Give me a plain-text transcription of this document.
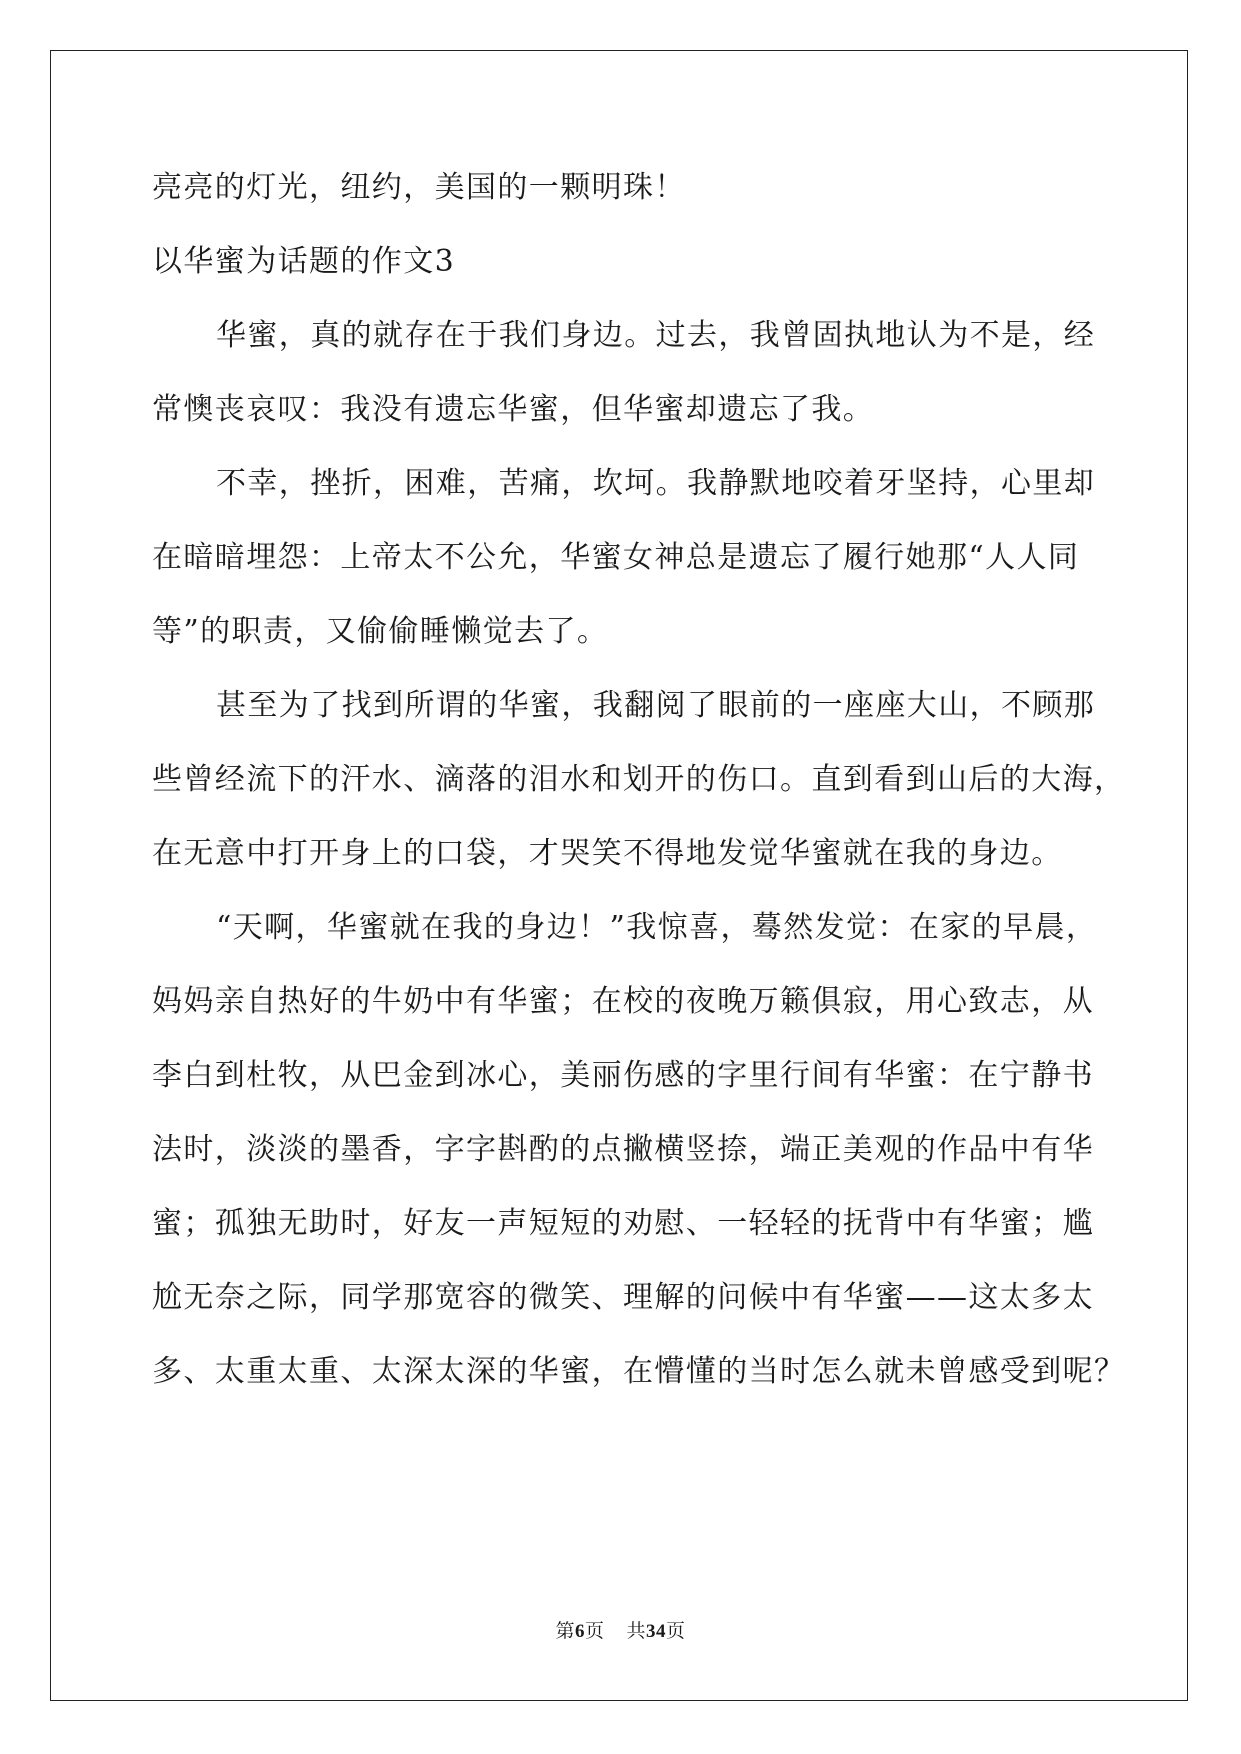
亮亮的灯光，纽约，美国的一颗明珠！
以华蜜为话题的作文3
华蜜，真的就存在于我们身边。过去，我曾固执地认为不是，经
常懊丧哀叹：我没有遗忘华蜜，但华蜜却遗忘了我。
不幸，挫折，困难，苦痛，坎坷。我静默地咬着牙坚持，心里却
在暗暗埋怨：上帝太不公允，华蜜女神总是遗忘了履行她那“人人同
等”的职责，又偷偷睡懒觉去了。
甚至为了找到所谓的华蜜，我翻阅了眼前的一座座大山，不顾那
些曾经流下的汗水、滴落的泪水和划开的伤口。直到看到山后的大海，
在无意中打开身上的口袋，才哭笑不得地发觉华蜜就在我的身边。
“天啊，华蜜就在我的身边！”我惊喜，蓦然发觉：在家的早晨，
妈妈亲自热好的牛奶中有华蜜；在校的夜晚万籁俱寂，用心致志，从
李白到杜牧，从巴金到冰心，美丽伤感的字里行间有华蜜：在宁静书
法时，淡淡的墨香，字字斟酌的点撇横竖捺，端正美观的作品中有华
蜜；孤独无助时，好友一声短短的劝慰、一轻轻的抚背中有华蜜；尴
尬无奈之际，同学那宽容的微笑、理解的问候中有华蜜——这太多太
多、太重太重、太深太深的华蜜，在懵懂的当时怎么就未曾感受到呢？
第6页 共34页
